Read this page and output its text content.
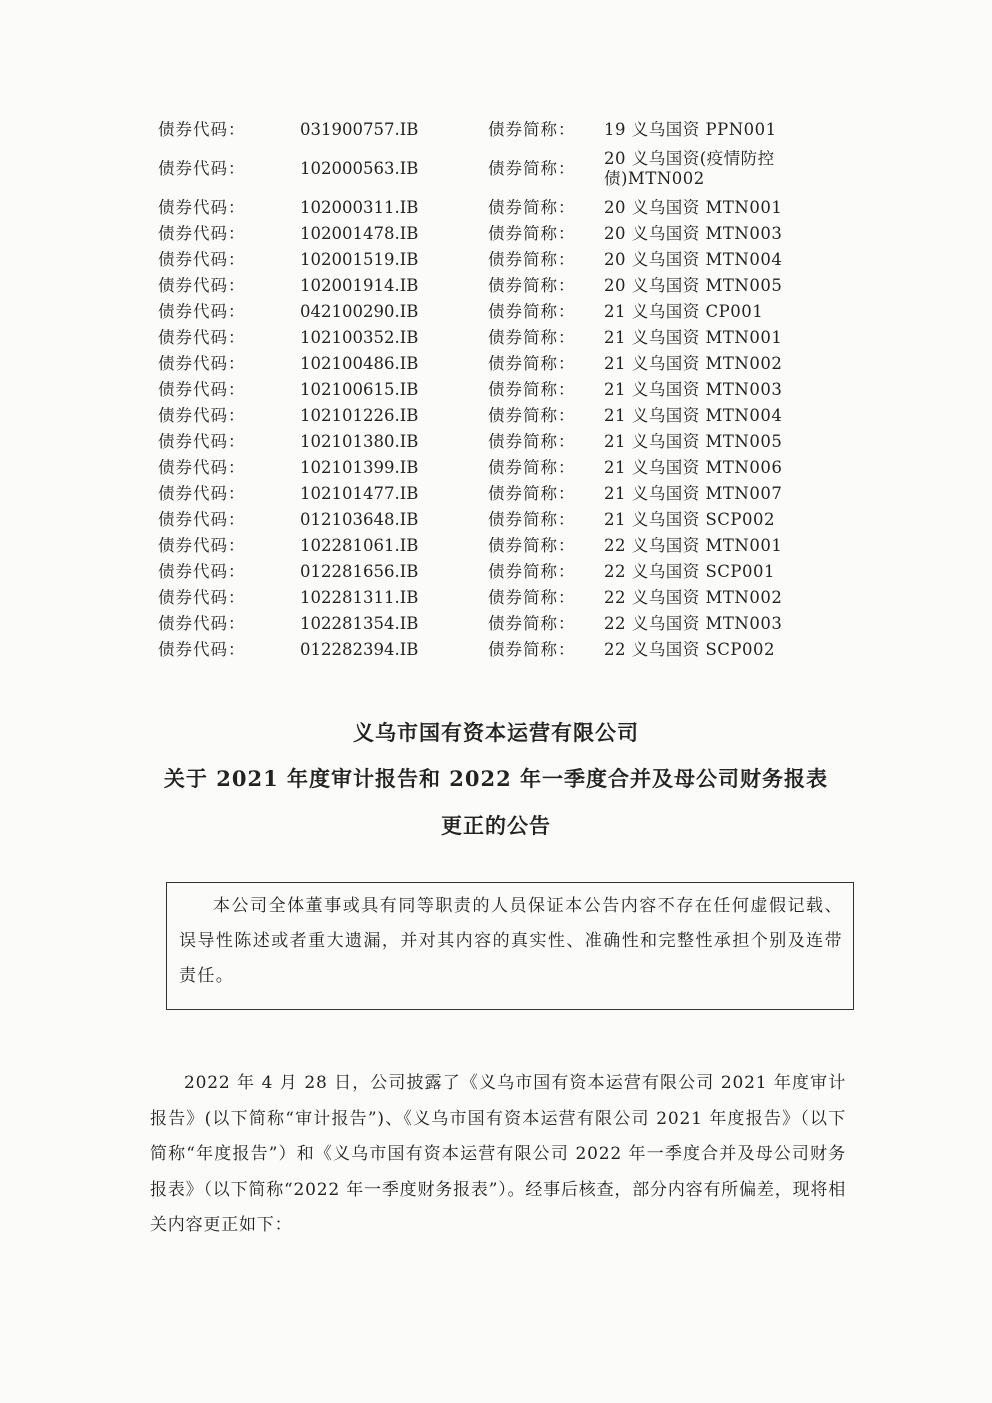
债券代码：	031900757.IB	债券简称：	19 义乌国资 PPN001
债券代码：	102000563.IB	债券简称：
20 义乌国资(疫情防控债)MTN002
债券代码：	102000311.IB	债券简称：	20 义乌国资 MTN001
债券代码：	102001478.IB	债券简称：	20 义乌国资 MTN003
债券代码：	102001519.IB	债券简称：	20 义乌国资 MTN004
债券代码：	102001914.IB	债券简称：	20 义乌国资 MTN005
债券代码：	042100290.IB	债券简称：	21 义乌国资 CP001
债券代码：	102100352.IB	债券简称：	21 义乌国资 MTN001
债券代码：	102100486.IB	债券简称：	21 义乌国资 MTN002
债券代码：	102100615.IB	债券简称：	21 义乌国资 MTN003
债券代码：	102101226.IB	债券简称：	21 义乌国资 MTN004
债券代码：	102101380.IB	债券简称：	21 义乌国资 MTN005
债券代码：	102101399.IB	债券简称：	21 义乌国资 MTN006
债券代码：	102101477.IB	债券简称：	21 义乌国资 MTN007
债券代码：	012103648.IB	债券简称：	21 义乌国资 SCP002
债券代码：	102281061.IB	债券简称：	22 义乌国资 MTN001
债券代码：	012281656.IB	债券简称：	22 义乌国资 SCP001
债券代码：	102281311.IB	债券简称：	22 义乌国资 MTN002
债券代码：	102281354.IB	债券简称：	22 义乌国资 MTN003
债券代码：	012282394.IB	债券简称：	22 义乌国资 SCP002
义乌市国有资本运营有限公司
关于 2021 年度审计报告和 2022 年一季度合并及母公司财务报表
更正的公告
本公司全体董事或具有同等职责的人员保证本公告内容不存在任何虚假记载、误导性陈述或者重大遗漏，并对其内容的真实性、准确性和完整性承担个别及连带责任。
2022 年 4 月 28 日，公司披露了《义乌市国有资本运营有限公司 2021 年度审计报告》(以下简称“审计报告”)、《义乌市国有资本运营有限公司 2021 年度报告》（以下简称“年度报告”）和《义乌市国有资本运营有限公司 2022 年一季度合并及母公司财务报表》（以下简称“2022 年一季度财务报表”）。经事后核查，部分内容有所偏差，现将相关内容更正如下：
